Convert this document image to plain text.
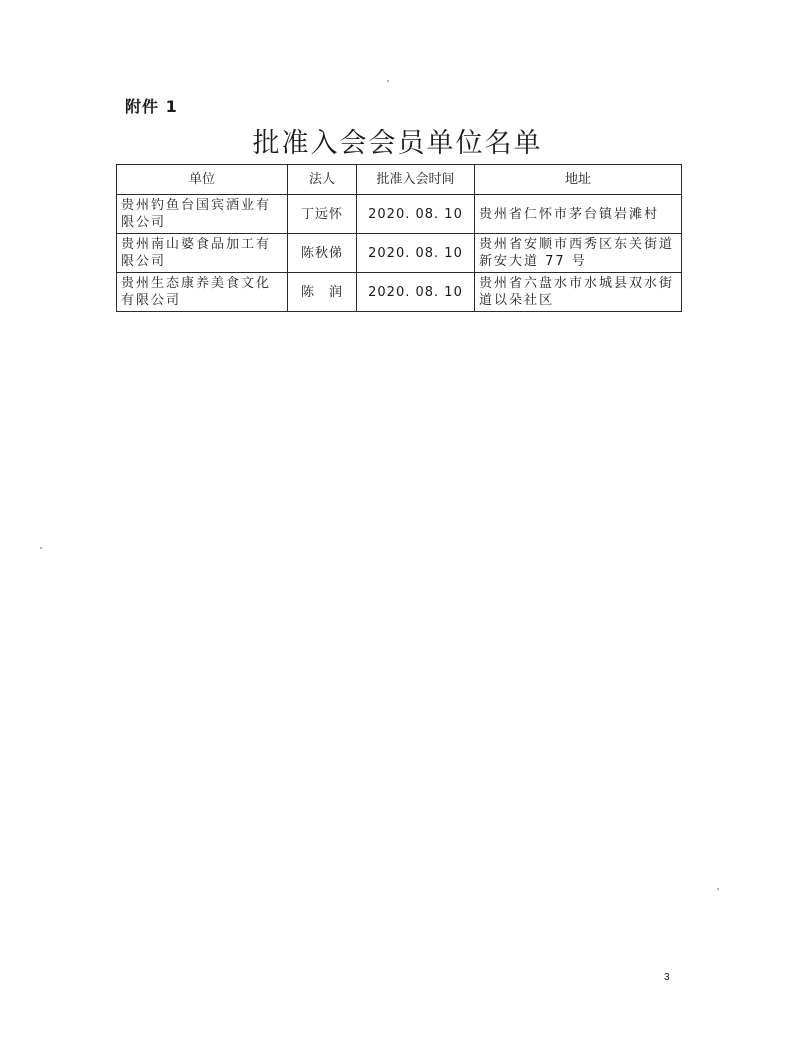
附件 1
批准入会会员单位名单
单位	法人	批准入会时间	地址
贵州钓鱼台国宾酒业有限公司	丁远怀	2020. 08. 10	贵州省仁怀市茅台镇岩滩村
贵州南山婆食品加工有限公司	陈秋俤	2020. 08. 10	贵州省安顺市西秀区东关街道新安大道 77 号
贵州生态康养美食文化有限公司	陈　润	2020. 08. 10	贵州省六盘水市水城县双水街道以朵社区
3
